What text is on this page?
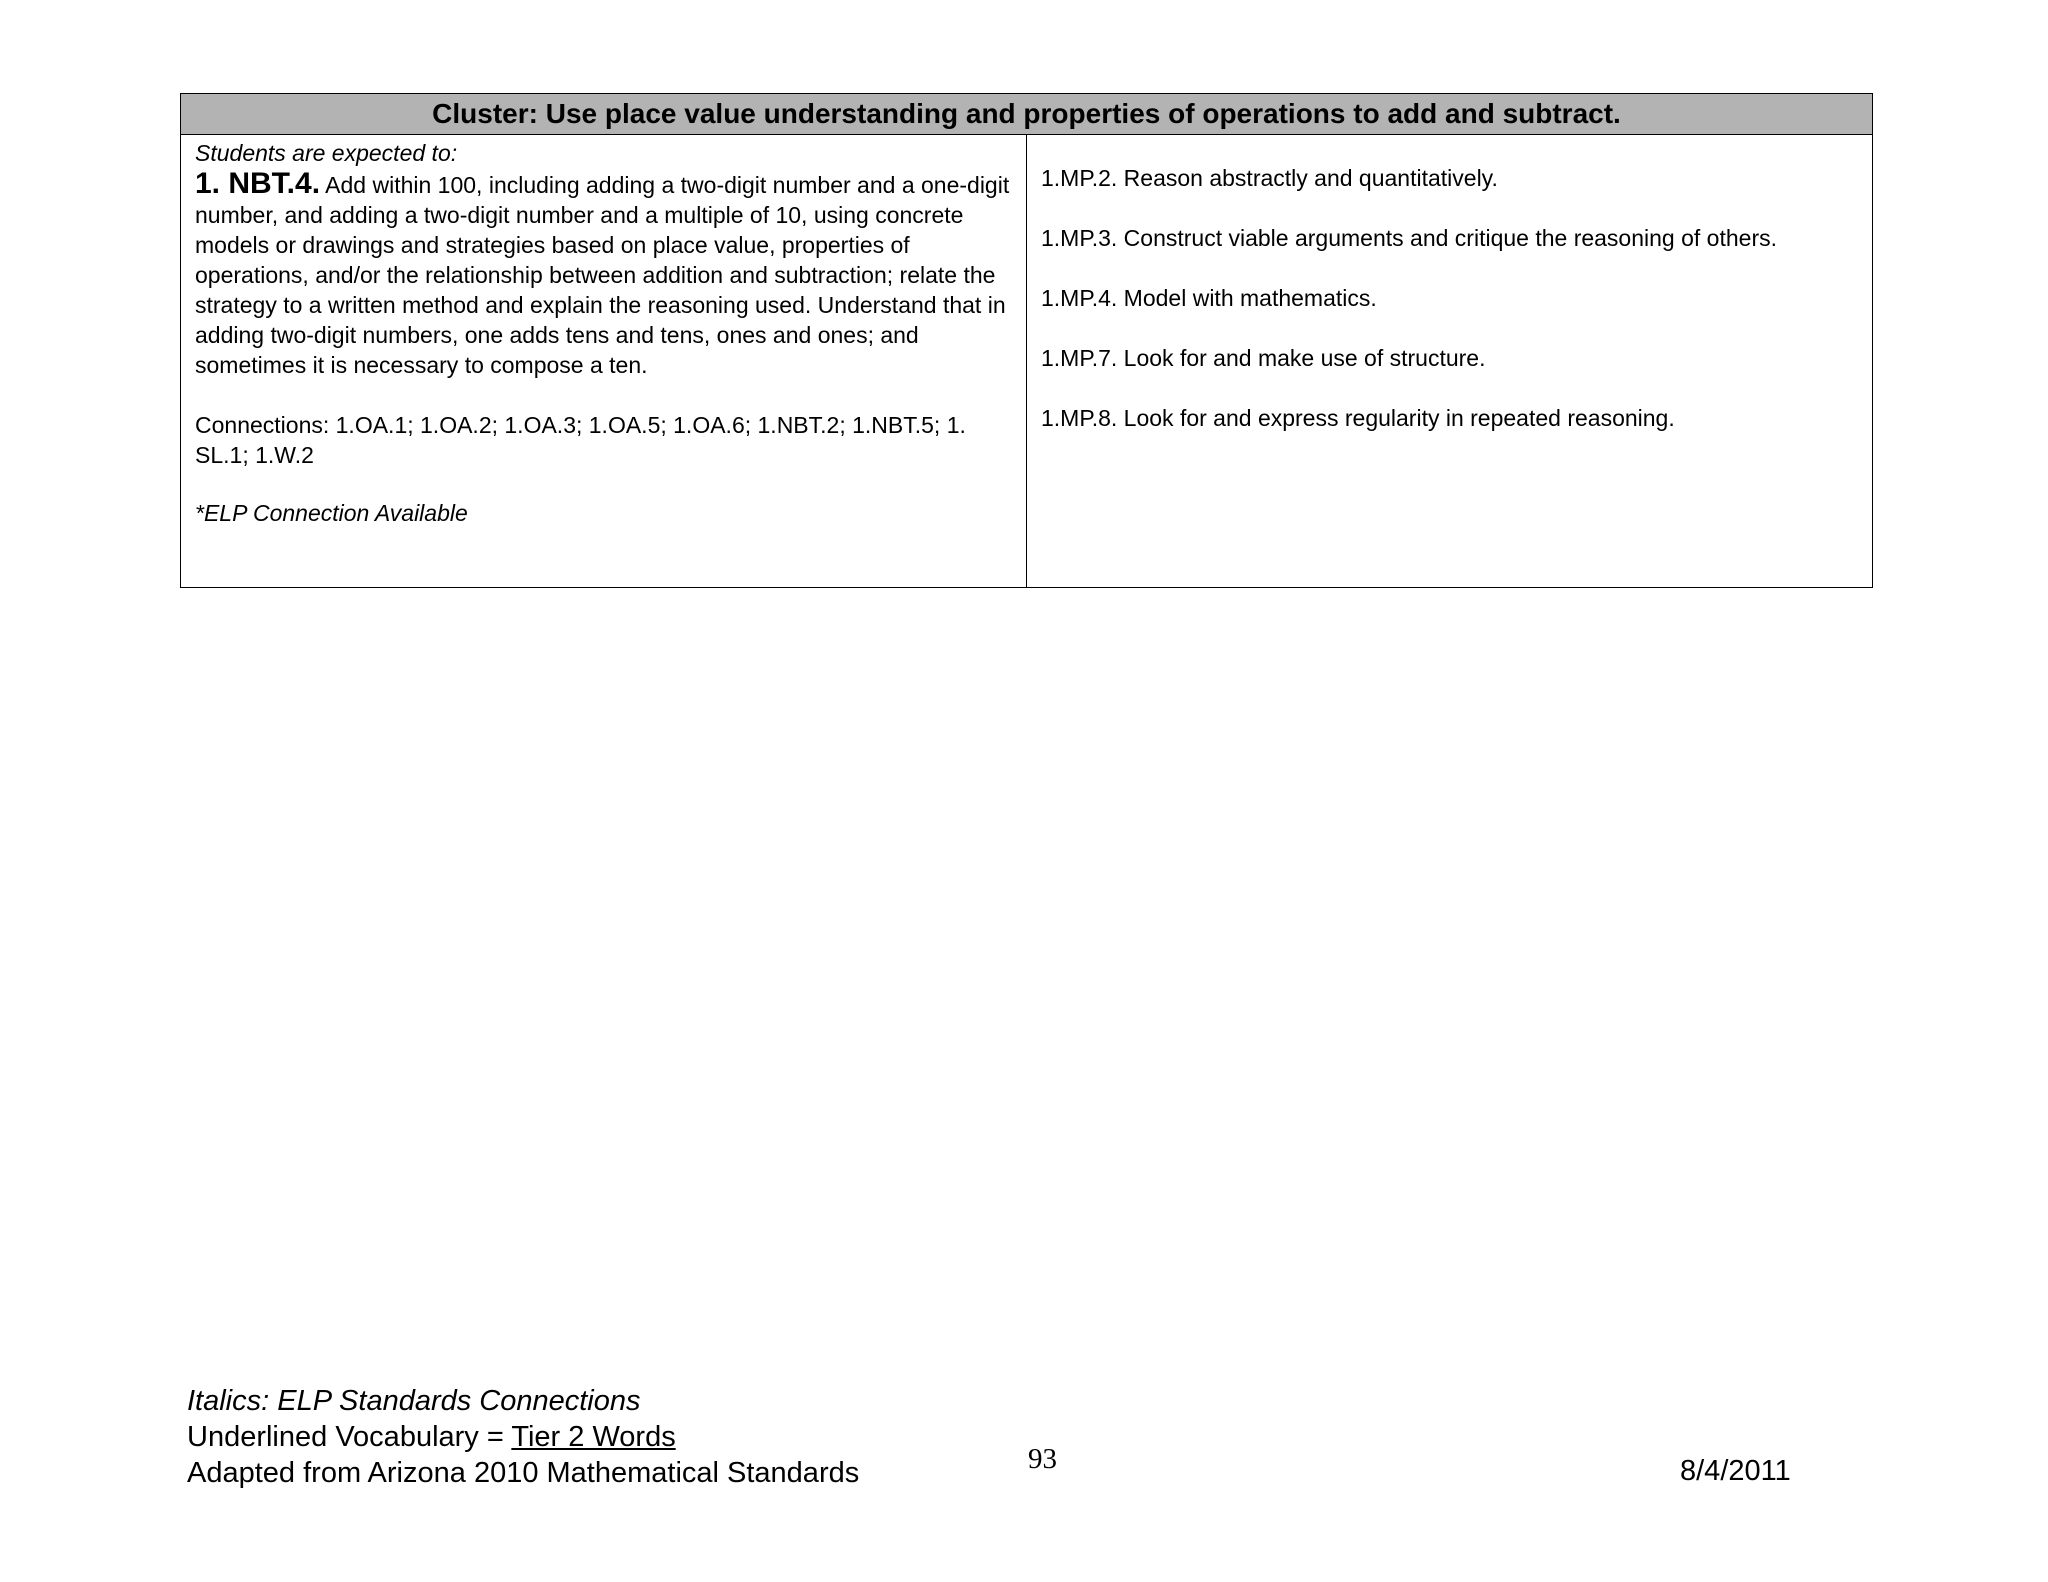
Cluster: Use place value understanding and properties of operations to add and subtract.
Students are expected to:
1. NBT.4. Add within 100, including adding a two-digit number and a one-digit number, and adding a two-digit number and a multiple of 10, using concrete models or drawings and strategies based on place value, properties of operations, and/or the relationship between addition and subtraction; relate the strategy to a written method and explain the reasoning used. Understand that in adding two-digit numbers, one adds tens and tens, ones and ones; and sometimes it is necessary to compose a ten.
Connections: 1.OA.1; 1.OA.2; 1.OA.3; 1.OA.5; 1.OA.6; 1.NBT.2; 1.NBT.5; 1. SL.1; 1.W.2
*ELP Connection Available
1.MP.2. Reason abstractly and quantitatively.
1.MP.3. Construct viable arguments and critique the reasoning of others.
1.MP.4. Model with mathematics.
1.MP.7. Look for and make use of structure.
1.MP.8. Look for and express regularity in repeated reasoning.
Italics: ELP Standards Connections
Underlined Vocabulary = Tier 2 Words
Adapted from Arizona 2010 Mathematical Standards	93	8/4/2011
